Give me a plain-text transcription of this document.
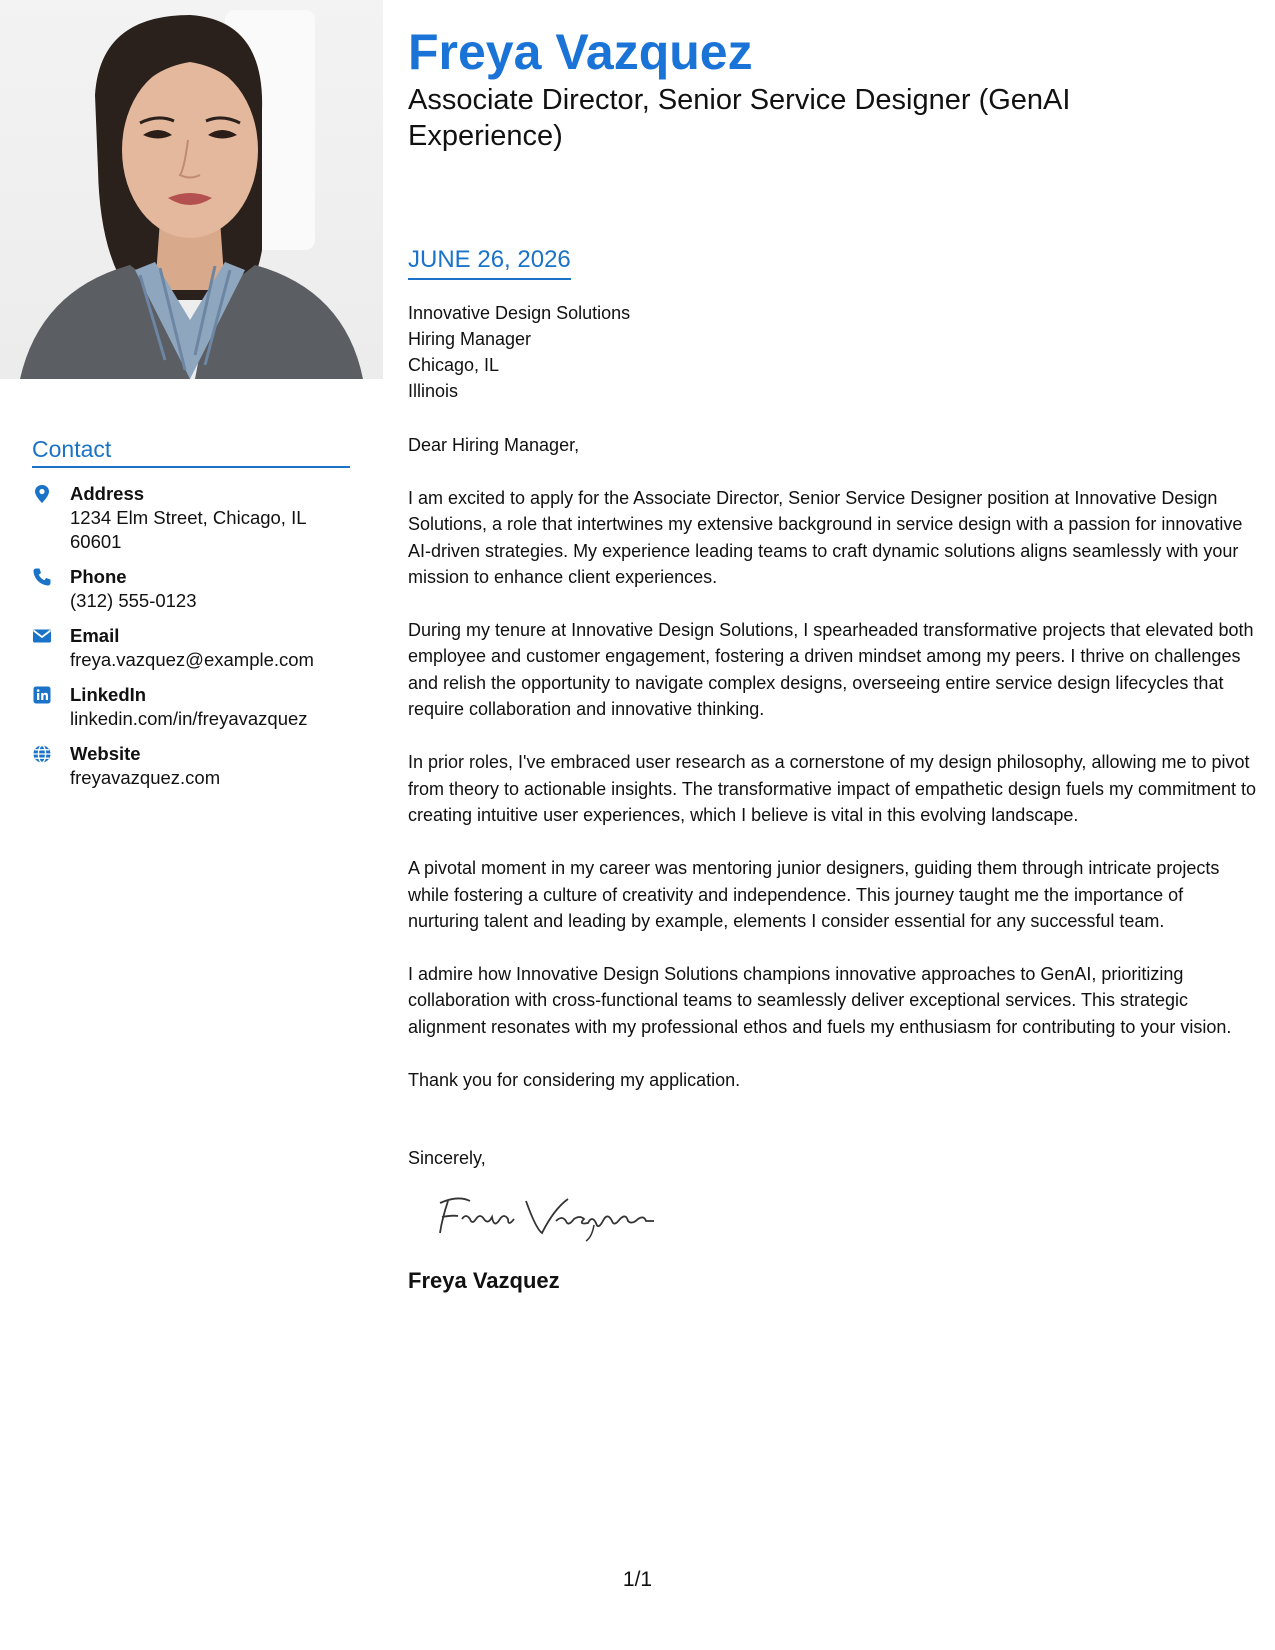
Contact
Address
1234 Elm Street, Chicago, IL 60601
Phone
(312) 555-0123
Email
freya.vazquez@example.com
LinkedIn
linkedin.com/in/freyavazquez
Website
freyavazquez.com
Freya Vazquez
Associate Director, Senior Service Designer (GenAI Experience)
JUNE 26, 2026
Innovative Design Solutions
Hiring Manager
Chicago, IL
Illinois
Dear Hiring Manager,
I am excited to apply for the Associate Director, Senior Service Designer position at Innovative Design Solutions, a role that intertwines my extensive background in service design with a passion for innovative AI-driven strategies. My experience leading teams to craft dynamic solutions aligns seamlessly with your mission to enhance client experiences.
During my tenure at Innovative Design Solutions, I spearheaded transformative projects that elevated both employee and customer engagement, fostering a driven mindset among my peers. I thrive on challenges and relish the opportunity to navigate complex designs, overseeing entire service design lifecycles that require collaboration and innovative thinking.
In prior roles, I've embraced user research as a cornerstone of my design philosophy, allowing me to pivot from theory to actionable insights. The transformative impact of empathetic design fuels my commitment to creating intuitive user experiences, which I believe is vital in this evolving landscape.
A pivotal moment in my career was mentoring junior designers, guiding them through intricate projects while fostering a culture of creativity and independence. This journey taught me the importance of nurturing talent and leading by example, elements I consider essential for any successful team.
I admire how Innovative Design Solutions champions innovative approaches to GenAI, prioritizing collaboration with cross-functional teams to seamlessly deliver exceptional services. This strategic alignment resonates with my professional ethos and fuels my enthusiasm for contributing to your vision.
Thank you for considering my application.
Sincerely,
Freya Vazquez
1/1
